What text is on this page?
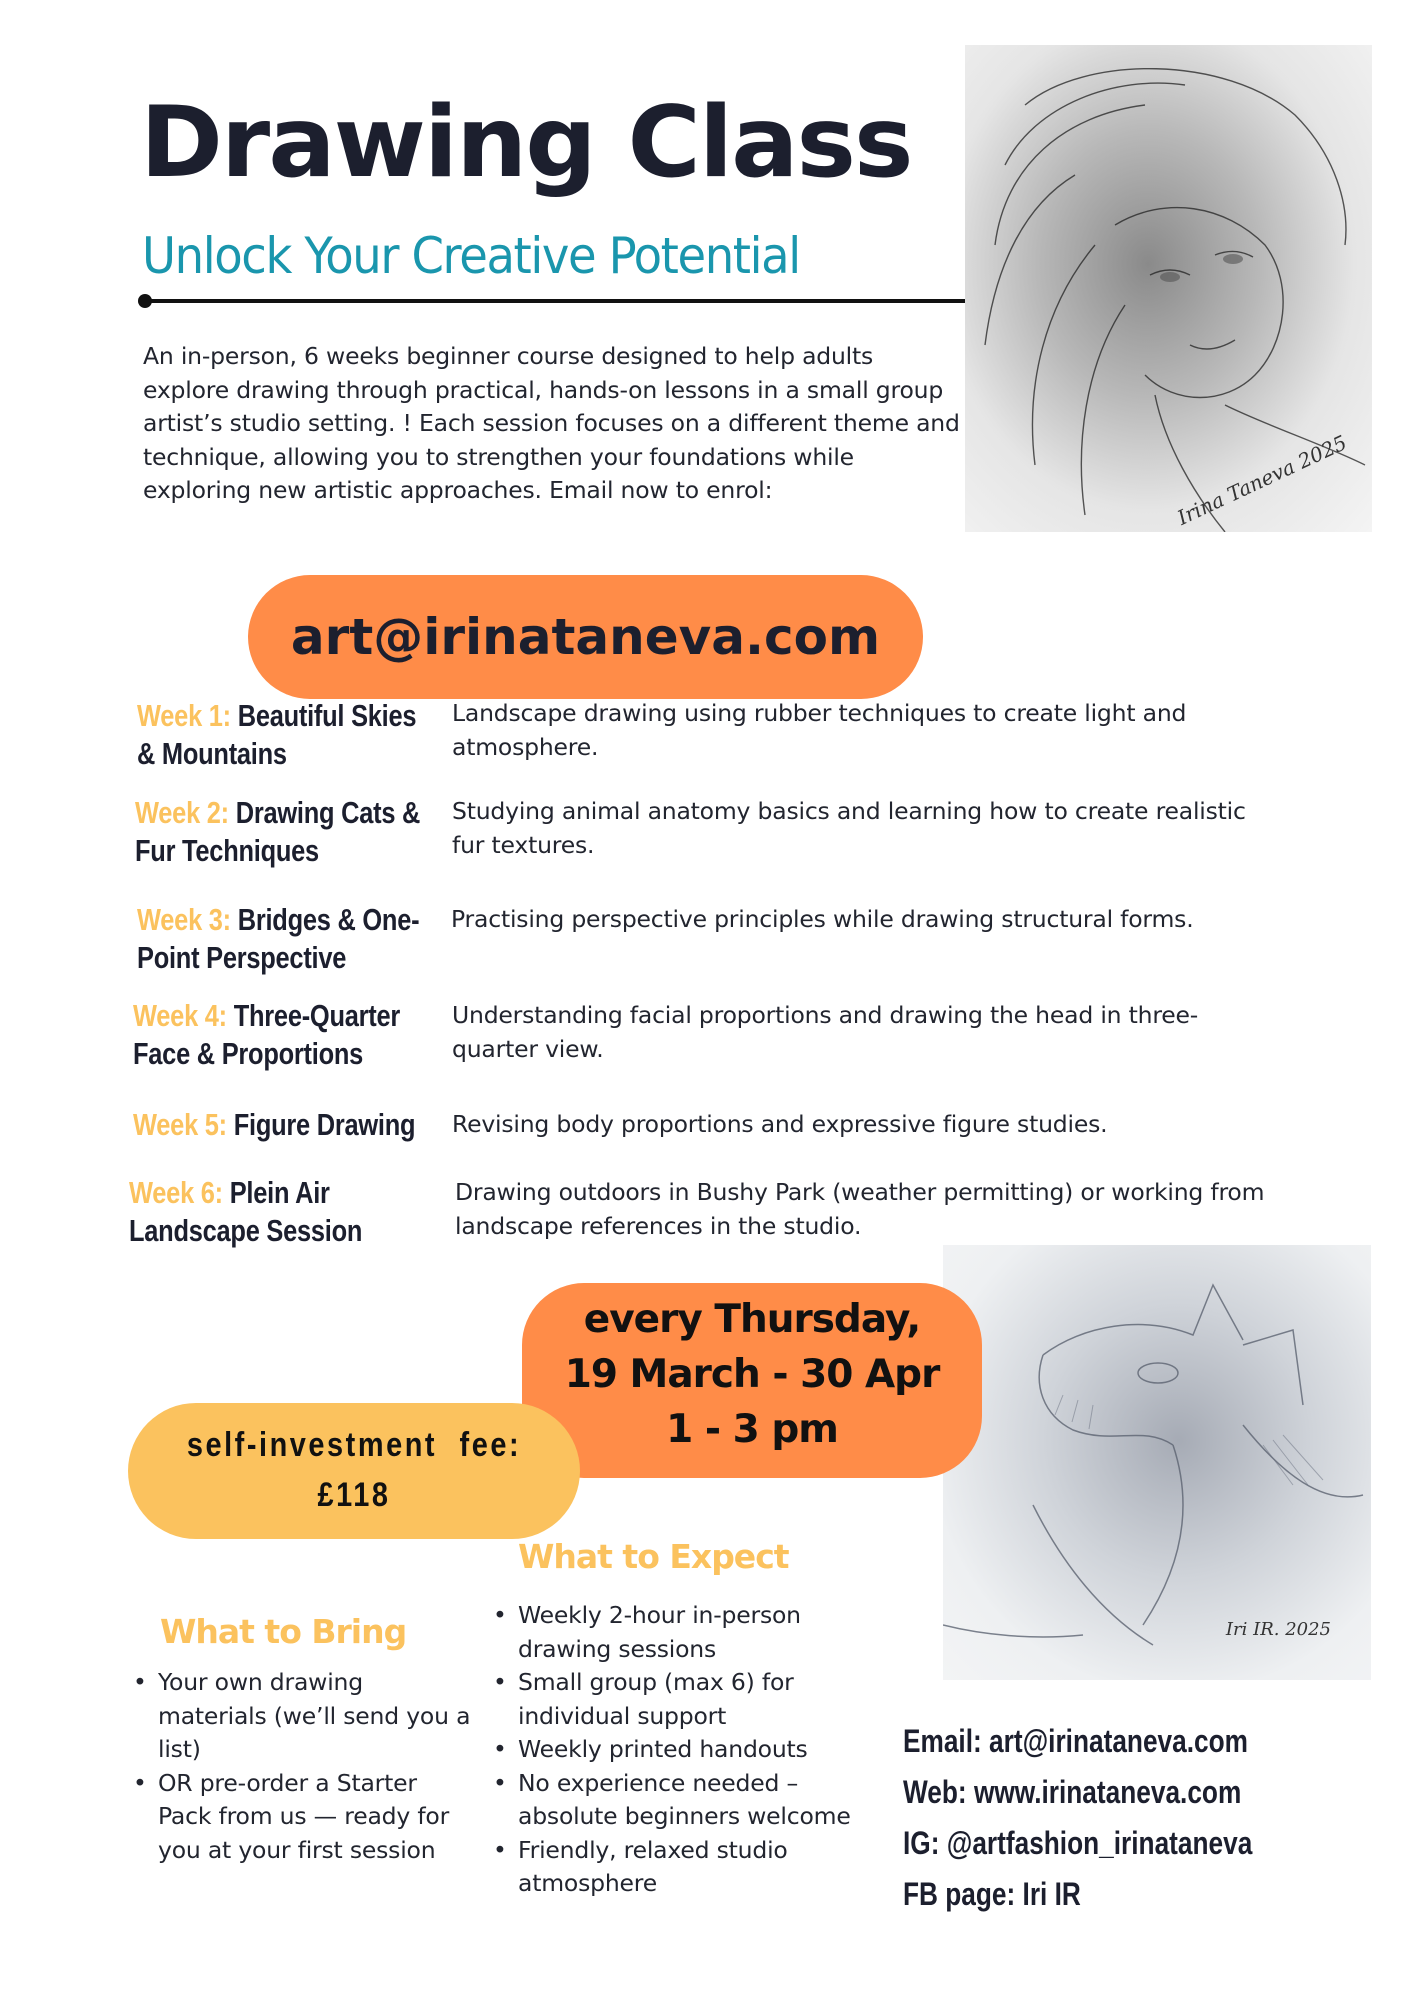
Drawing Class
Unlock Your Creative Potential
An in-person, 6 weeks beginner course designed to help adults explore drawing through practical, hands-on lessons in a small group artist’s studio setting. ! Each session focuses on a different theme and technique, allowing you to strengthen your foundations while exploring new artistic approaches. Email now to enrol:
art@irinataneva.com
Irina Taneva 2025
Week 1: Beautiful Skies
& Mountains
Landscape drawing using rubber techniques to create light and atmosphere.
Week 2: Drawing Cats &
Fur Techniques
Studying animal anatomy basics and learning how to create realistic fur textures.
Week 3: Bridges & One-
Point Perspective
Practising perspective principles while drawing structural forms.
Week 4: Three-Quarter
Face & Proportions
Understanding facial proportions and drawing the head in three-quarter view.
Week 5: Figure Drawing Revising body proportions and expressive figure studies.
Week 6: Plein Air
Landscape Session
Drawing outdoors in Bushy Park (weather permitting) or working from landscape references in the studio.
Iri IR. 2025
every Thursday,
19 March - 30 Apr
1 - 3 pm
self-investment fee:
£118
What to Expect
• Weekly 2-hour in-person drawing sessions
• Small group (max 6) for individual support
• Weekly printed handouts
• No experience needed – absolute beginners welcome
• Friendly, relaxed studio atmosphere
What to Bring
• Your own drawing materials (we’ll send you a list)
• OR pre-order a Starter Pack from us — ready for you at your first session
Email: art@irinataneva.com
Web: www.irinataneva.com
IG: @artfashion_irinataneva
FB page: Iri IR
